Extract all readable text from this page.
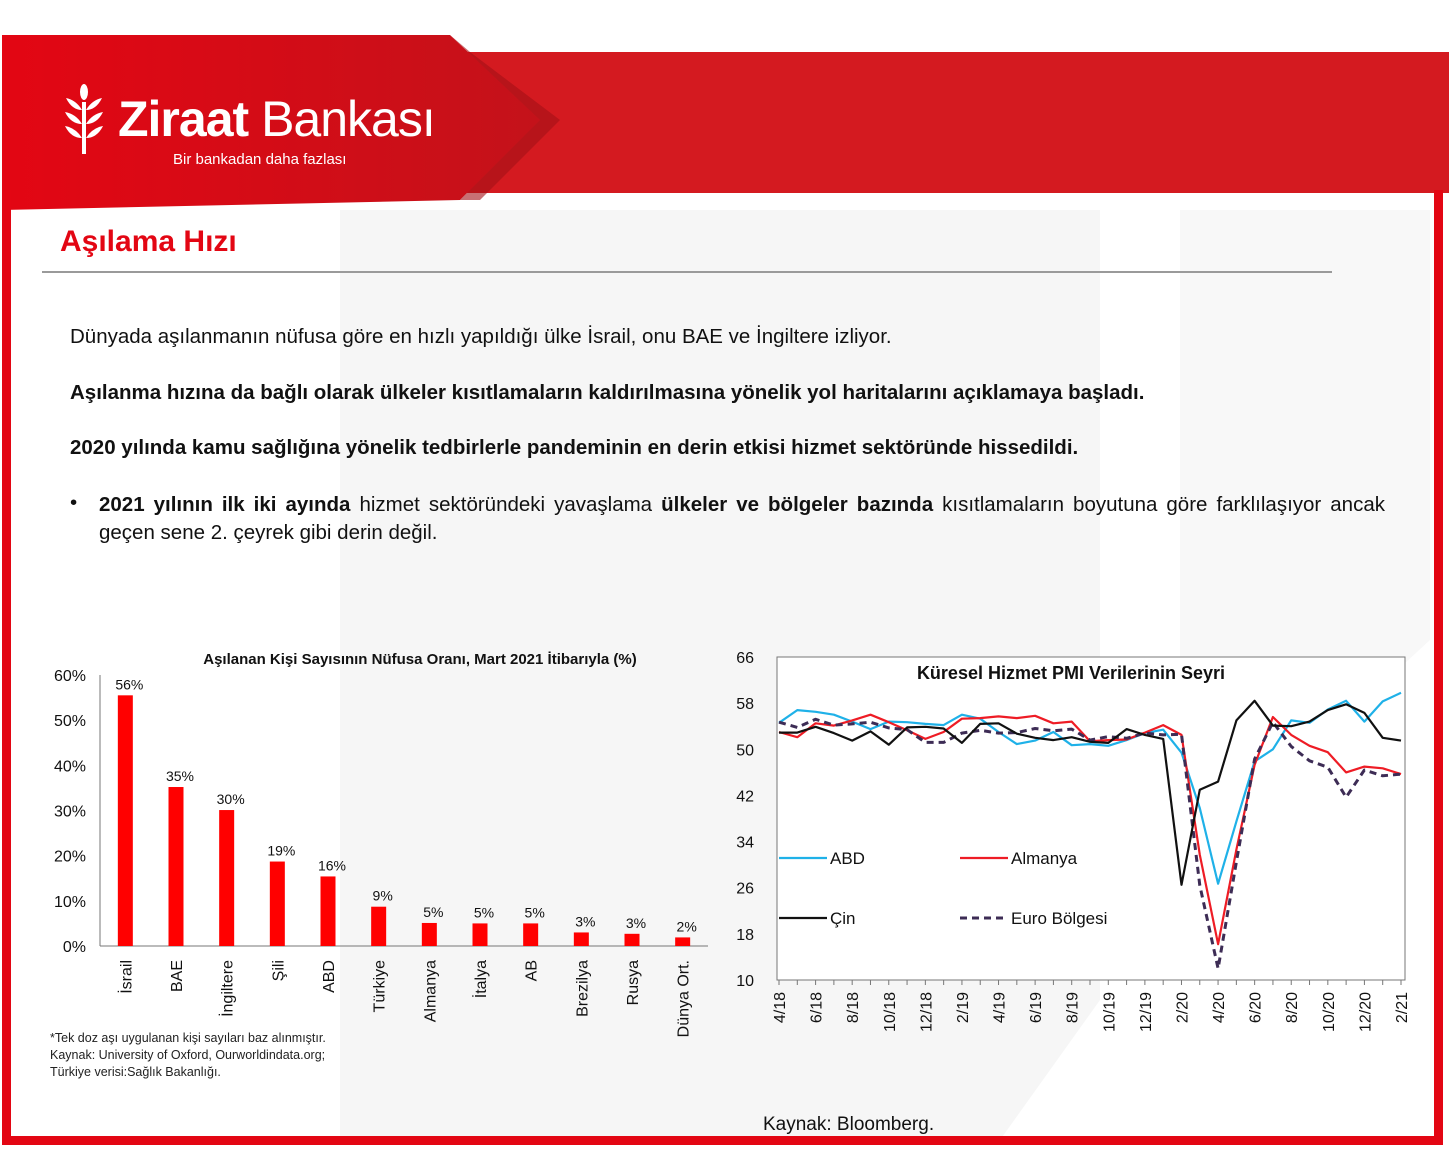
Ziraat Bankası
Bir bankadan daha fazlası
Aşılama Hızı
Dünyada aşılanmanın nüfusa göre en hızlı yapıldığı ülke İsrail, onu BAE ve İngiltere izliyor.
Aşılanma hızına da bağlı olarak ülkeler kısıtlamaların kaldırılmasına yönelik yol haritalarını açıklamaya başladı.
2020 yılında kamu sağlığına yönelik tedbirlerle pandeminin en derin etkisi hizmet sektöründe hissedildi.
• 2021 yılının ilk iki ayında hizmet sektöründeki yavaşlama ülkeler ve bölgeler bazında kısıtlamaların boyutuna göre farklılaşıyor ancak geçen sene 2. çeyrek gibi derin değil.
Aşılanan Kişi Sayısının Nüfusa Oranı, Mart 2021 İtibarıyla (%)
0%
10%
20%
30%
40%
50%
60% 56%
İsrail
35%
BAE
30%
İngiltere
19%
Şili
16%
ABD
9%
Türkiye
5%
Almanya
5%
İtalya
5%
AB
3%
Brezilya
3%
Rusya
2%
Dünya Ort.
Küresel Hizmet PMI Verilerinin Seyri
10
18
26
34
42
50
58
66
4/18 6/18 8/18 10/18 12/18 2/19 4/19 6/19 8/19 10/19 12/19 2/20 4/20 6/20 8/20 10/20 12/20 2/21
ABD	Almanya
Çin	Euro Bölgesi
*Tek doz aşı uygulanan kişi sayıları baz alınmıştır.
Kaynak: University of Oxford, Ourworldindata.org;
Türkiye verisi:Sağlık Bakanlığı.
Kaynak: Bloomberg.
